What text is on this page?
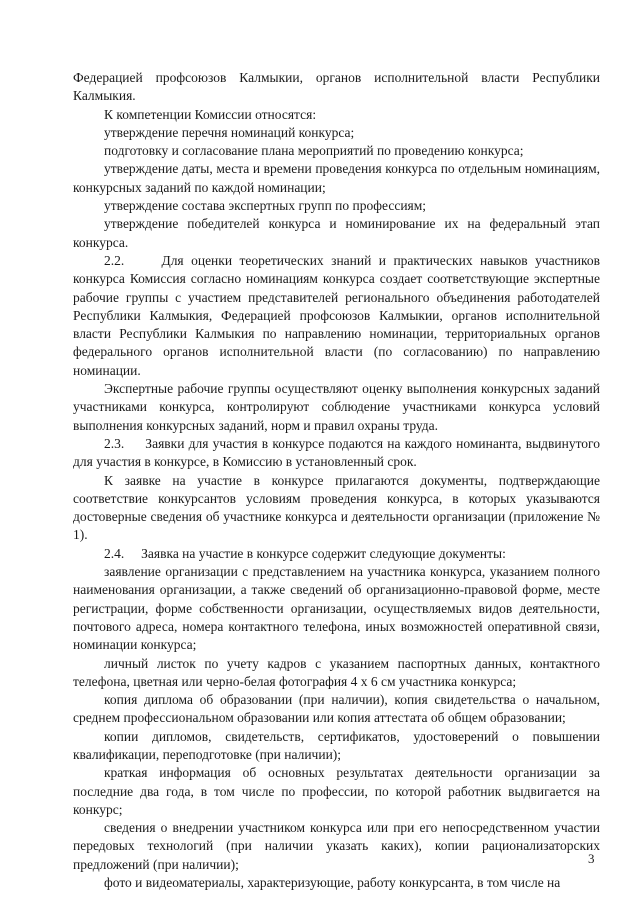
Федерацией профсоюзов Калмыкии, органов исполнительной власти Республики Калмыкия.

К компетенции Комиссии относятся:

утверждение перечня номинаций конкурса;

подготовку и согласование плана мероприятий по проведению конкурса;

утверждение даты, места и времени проведения конкурса по отдельным номинациям, конкурсных заданий по каждой номинации;

утверждение состава экспертных групп по профессиям;

утверждение победителей конкурса и номинирование их на федеральный этап конкурса.

2.2.     Для оценки теоретических знаний и практических навыков участников конкурса Комиссия согласно номинациям конкурса создает соответствующие экспертные рабочие группы с участием представителей регионального объединения работодателей Республики Калмыкия, Федерацией профсоюзов Калмыкии, органов исполнительной власти Республики Калмыкия по направлению номинации, территориальных органов федерального органов исполнительной власти (по согласованию) по направлению номинации.

Экспертные рабочие группы осуществляют оценку выполнения конкурсных заданий участниками конкурса, контролируют соблюдение участниками конкурса условий выполнения конкурсных заданий, норм и правил охраны труда.

2.3.     Заявки для участия в конкурсе подаются на каждого номинанта, выдвинутого для участия в конкурсе, в Комиссию в установленный срок.

К заявке на участие в конкурсе прилагаются документы, подтверждающие соответствие конкурсантов условиям проведения конкурса, в которых указываются достоверные сведения об участнике конкурса и деятельности организации (приложение № 1).

2.4.     Заявка на участие в конкурсе содержит следующие документы:

заявление организации с представлением на участника конкурса, указанием полного наименования организации, а также сведений об организационно-правовой форме, месте регистрации, форме собственности организации, осуществляемых видов деятельности, почтового адреса, номера контактного телефона, иных возможностей оперативной связи, номинации конкурса;

личный листок по учету кадров с указанием паспортных данных, контактного телефона, цветная или черно-белая фотография 4 х 6 см участника конкурса;

копия диплома об образовании (при наличии), копия свидетельства о начальном, среднем профессиональном образовании или копия аттестата об общем образовании;

копии дипломов, свидетельств, сертификатов, удостоверений о повышении квалификации, переподготовке (при наличии);

краткая информация об основных результатах деятельности организации за последние два года, в том числе по профессии, по которой работник выдвигается на конкурс;

сведения о внедрении участником конкурса или при его непосредственном участии передовых технологий (при наличии указать каких), копии рационализаторских предложений (при наличии);

фото и видеоматериалы, характеризующие, работу конкурсанта, в том числе на

3
